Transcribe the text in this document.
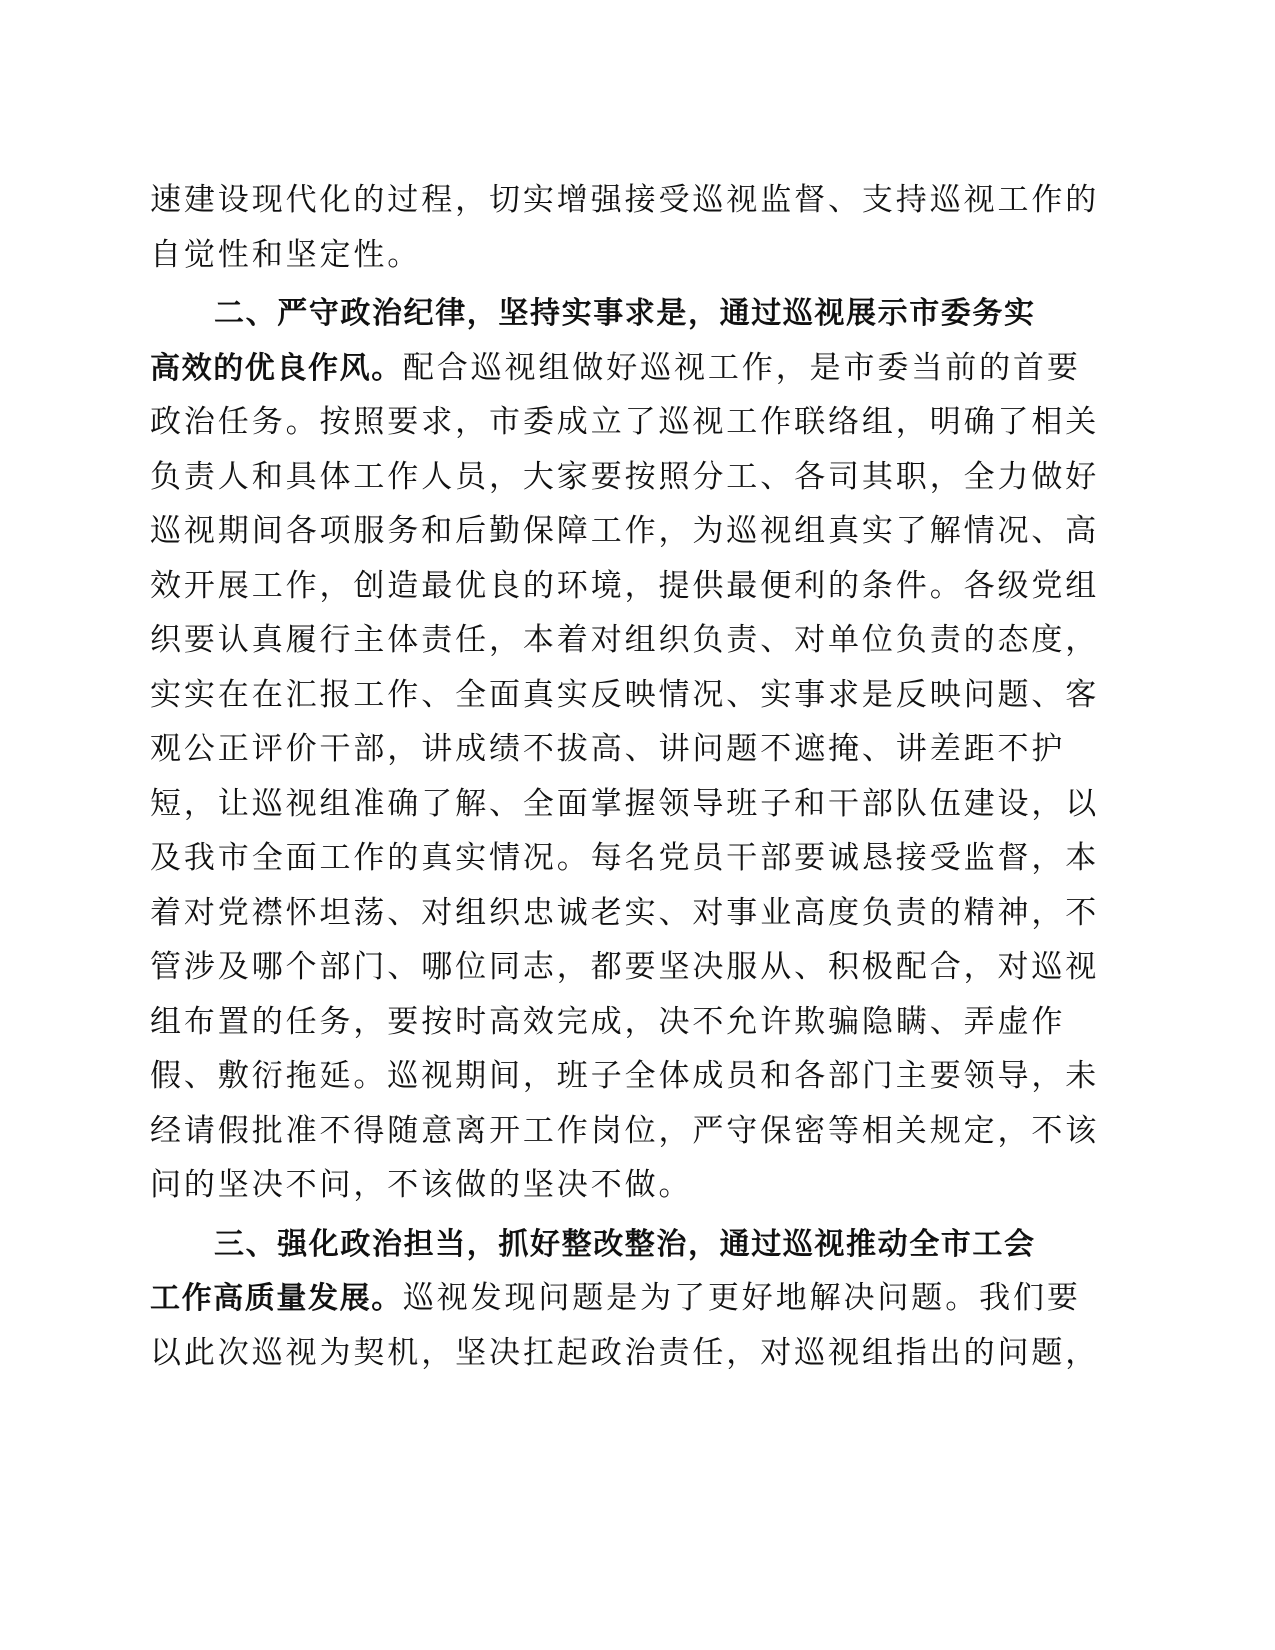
速建设现代化的过程，切实增强接受巡视监督、支持巡视工作的
自觉性和坚定性。
二、严守政治纪律，坚持实事求是，通过巡视展示市委务实
高效的优良作风。配合巡视组做好巡视工作，是市委当前的首要
政治任务。按照要求，市委成立了巡视工作联络组，明确了相关
负责人和具体工作人员，大家要按照分工、各司其职，全力做好
巡视期间各项服务和后勤保障工作，为巡视组真实了解情况、高
效开展工作，创造最优良的环境，提供最便利的条件。各级党组
织要认真履行主体责任，本着对组织负责、对单位负责的态度，
实实在在汇报工作、全面真实反映情况、实事求是反映问题、客
观公正评价干部，讲成绩不拔高、讲问题不遮掩、讲差距不护
短，让巡视组准确了解、全面掌握领导班子和干部队伍建设，以
及我市全面工作的真实情况。每名党员干部要诚恳接受监督，本
着对党襟怀坦荡、对组织忠诚老实、对事业高度负责的精神，不
管涉及哪个部门、哪位同志，都要坚决服从、积极配合，对巡视
组布置的任务，要按时高效完成，决不允许欺骗隐瞒、弄虚作
假、敷衍拖延。巡视期间，班子全体成员和各部门主要领导，未
经请假批准不得随意离开工作岗位，严守保密等相关规定，不该
问的坚决不问，不该做的坚决不做。
三、强化政治担当，抓好整改整治，通过巡视推动全市工会
工作高质量发展。巡视发现问题是为了更好地解决问题。我们要
以此次巡视为契机，坚决扛起政治责任，对巡视组指出的问题，
